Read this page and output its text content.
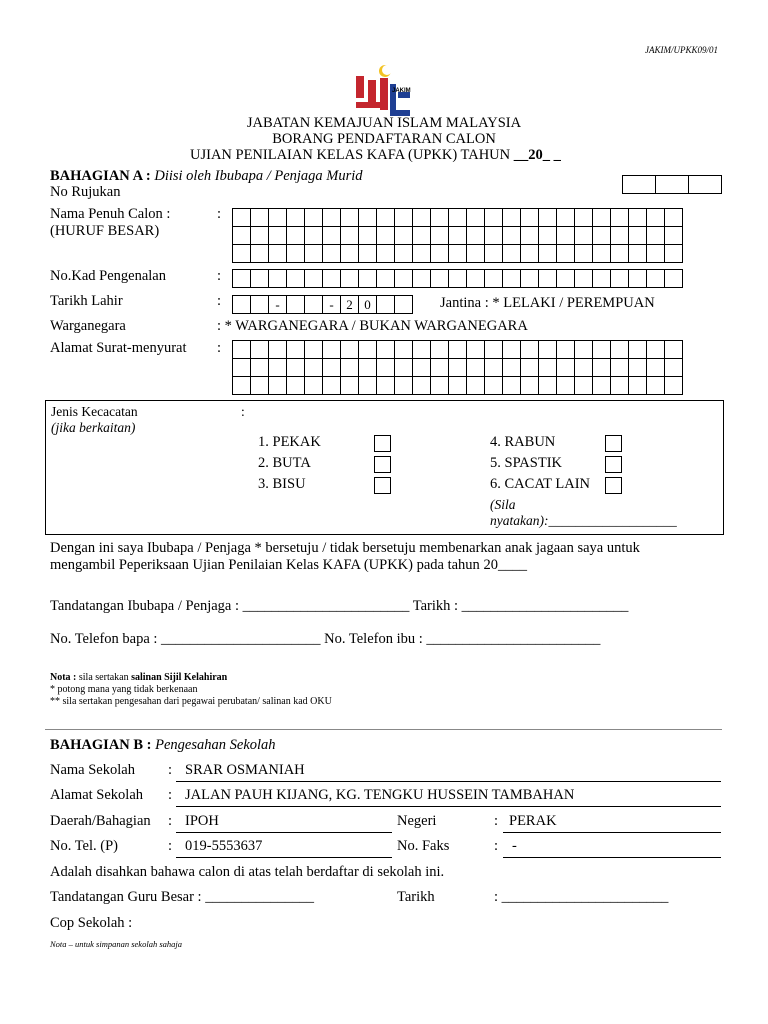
JAKIM/UPKK09/01
JAKIM
JABATAN KEMAJUAN ISLAM MALAYSIA
BORANG PENDAFTARAN CALON
UJIAN PENILAIAN KELAS KAFA (UPKK) TAHUN __20_ _
BAHAGIAN A : Diisi oleh Ibubapa / Penjaga Murid
No Rujukan
Nama Penuh Calon :
(HURUF BESAR)
:
No.Kad Pengenalan	:
Tarikh Lahir	:	-	- 2 0	Jantina : * LELAKI / PEREMPUAN
Warganegara	: * WARGANEGARA / BUKAN WARGANEGARA
Alamat Surat-menyurat :
Jenis Kecacatan
(jika berkaitan)
:
1. PEKAK
2. BUTA
3. BISU
4. RABUN
5. SPASTIK
6. CACAT LAIN
(Sila
nyatakan):___________________
Dengan ini saya Ibubapa / Penjaga * bersetuju / tidak bersetuju membenarkan anak jagaan saya untuk
mengambil Peperiksaan Ujian Penilaian Kelas KAFA (UPKK) pada tahun 20____
Tandatangan Ibubapa / Penjaga : _______________________ Tarikh : _______________________
No. Telefon bapa : ______________________ No. Telefon ibu : ________________________
Nota : sila sertakan salinan Sijil Kelahiran
* potong mana yang tidak berkenaan
** sila sertakan pengesahan dari pegawai perubatan/ salinan kad OKU
BAHAGIAN B : Pengesahan Sekolah
Nama Sekolah : SRAR OSMANIAH
Alamat Sekolah : JALAN PAUH KIJANG, KG. TENGKU HUSSEIN TAMBAHAN
Daerah/Bahagian : IPOH	Negeri	: PERAK
No. Tel. (P)	: 019-5553637	No. Faks	: -
Adalah disahkan bahawa calon di atas telah berdaftar di sekolah ini.
Tandatangan Guru Besar : _______________	Tarikh	: _______________________
Cop Sekolah :
Nota – untuk simpanan sekolah sahaja
